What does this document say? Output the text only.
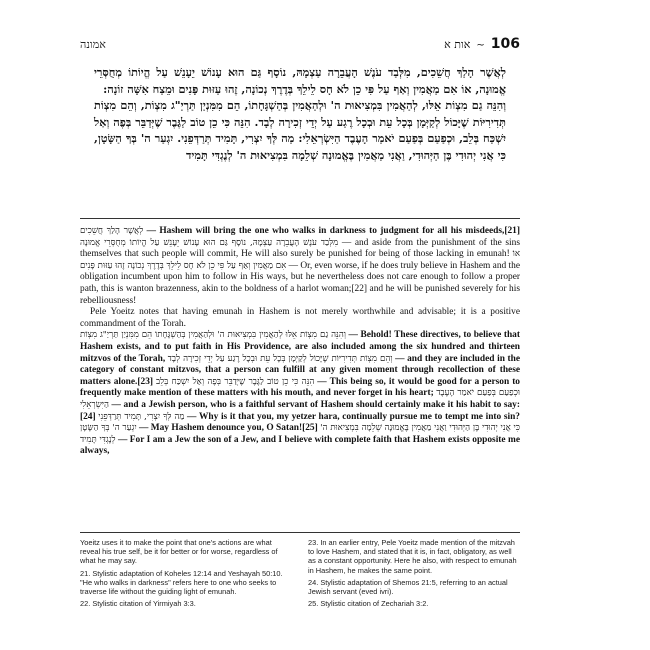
אמונה	אות א ~ 106

לְאֲשֶׁר הָלַךְ חֲשֵׁכִים, מִלְּבַד עֹנֶשׁ הָעֲבֵרָה עַצְמָהּ, נוֹסָף גַּם הוּא עָנוֹשׁ יֵעָנֵשׁ עַל הֱיוֹתוֹ מְחֻסְּרֵי אֱמוּנָה, אוֹ אִם מַאֲמִין וְאַף עַל פִּי כֵן לֹא חָס לֵילֵךְ בְּדֶרֶךְ נְכוֹנָה, זֶהוּ עַזּוּת פָּנִים וּמֵצַח אִשָּׁה זוֹנָה:

וְהִנֵּה גַם מִצְוֹת אֵלּוּ, לְהַאֲמִין בִּמְצִיאוּת ה' וּלְהַאֲמִין בְּהַשְׁגָּחָתוֹ, הֵם מִמִּנְיַן תַּרְיַ"ג מִצְוֹת, וְהֵם מִצְוֹת תְּדִירִיּוֹת שֶׁיָּכוֹל לְקַיְּמָן בְּכָל עֵת וּבְכָל רֶגַע עַל יְדֵי זְכִירָה לְבָד. הִנֵּה כִּי כֵן טוֹב לַגֶּבֶר שֶׁיְּדַבֵּר בְּפֶה וְאַל יִשְׁכַּח בְּלֵב, וּכְפַעַם בְּפַעַם יֹאמַר הָעֶבֶד הַיִּשְׂרְאֵלִי: מַה לְּךָ יִצְרִי, תָּמִיד תְּרַדְּפֵנִי. יִגְעַר ה' בְּךָ הַשָּׂטָן, כִּי אֲנִי יְהוּדִי בֶּן הַיְּהוּדִי, וַאֲנִי מַאֲמִין בֶּאֱמוּנָה שְׁלֵמָה בִּמְצִיאוּת ה' לְנֶגְדִּי תָּמִיד

לְאֲשֶׁר הָלַךְ חֲשֵׁכִים — Hashem will bring the one who walks in darkness to judgment for all his misdeeds,[21] מִלְּבַד עֹנֶשׁ הָעֲבֵרָה עַצְמָהּ, נוֹסָף גַּם הוּא עָנוֹשׁ יֵעָנֵשׁ עַל הֱיוֹתוֹ מְחֻסְּרֵי אֱמוּנָה — and aside from the punishment of the sins themselves that such people will commit, He will also surely be punished for being of those lacking in emunah! אוֹ אִם מַאֲמִין וְאַף עַל פִּי כֵן לֹא חָס לֵילֵךְ בְּדֶרֶךְ נְכוֹנָה זֶהוּ עַזּוּת פָּנִים — Or, even worse, if he does truly believe in Hashem and the obligation incumbent upon him to follow in His ways, but he nevertheless does not care enough to follow a proper path, this is wanton brazenness, akin to the boldness of a harlot woman;[22] and he will be punished severely for his rebelliousness!

Pele Yoeitz notes that having emunah in Hashem is not merely worthwhile and advisable; it is a positive commandment of the Torah.

וְהִנֵּה גַם מִצְוֹת אֵלּוּ לְהַאֲמִין בִּמְצִיאוּת ה' וּלְהַאֲמִין בְּהַשְׁגָּחָתוֹ הֵם מִמִּנְיַן תַּרְיַ"ג מִצְוֹת — Behold! These directives, to believe that Hashem exists, and to put faith in His Providence, are also included among the six hundred and thirteen mitzvos of the Torah, וְהֵם מִצְוֹת תְּדִירִיּוֹת שֶׁיָּכוֹל לְקַיְּמָן בְּכָל עֵת וּבְכָל רֶגַע עַל יְדֵי זְכִירָה לְבָד — and they are included in the category of constant mitzvos, that a person can fulfill at any given moment through recollection of these matters alone.[23] הִנֵּה כִּי כֵן טוֹב לַגֶּבֶר שֶׁיְּדַבֵּר בְּפֶה וְאַל יִשְׁכַּח בְּלֵב — This being so, it would be good for a person to frequently make mention of these matters with his mouth, and never forget in his heart; וּכְפַעַם בְּפַעַם יֹאמַר הָעֶבֶד הַיִּשְׂרְאֵלִי — and a Jewish person, who is a faithful servant of Hashem should certainly make it his habit to say:[24] מַה לְּךָ יִצְרִי, תָּמִיד תְּרַדְּפֵנִי — Why is it that you, my yetzer hara, continually pursue me to tempt me into sin? יִגְעַר ה' בְּךָ הַשָּׂטָן — May Hashem denounce you, O Satan![25] כִּי אֲנִי יְהוּדִי בֶּן הַיְּהוּדִי וַאֲנִי מַאֲמִין בֶּאֱמוּנָה שְׁלֵמָה בִּמְצִיאוּת ה' לְנֶגְדִּי תָּמִיד — For I am a Jew the son of a Jew, and I believe with complete faith that Hashem exists opposite me always,

Yoeitz uses it to make the point that one's actions are what reveal his true self, be it for better or for worse, regardless of what he may say.

21. Stylistic adaptation of Koheles 12:14 and Yeshayah 50:10. "He who walks in darkness" refers here to one who seeks to traverse life without the guiding light of emunah.

22. Stylistic citation of Yirmiyah 3:3.

23. In an earlier entry, Pele Yoeitz made mention of the mitzvah to love Hashem, and stated that it is, in fact, obligatory, as well as a constant opportunity. Here he also, with respect to emunah in Hashem, he makes the same point.

24. Stylistic adaptation of Shemos 21:5, referring to an actual Jewish servant (eved ivri).

25. Stylistic citation of Zechariah 3:2.
